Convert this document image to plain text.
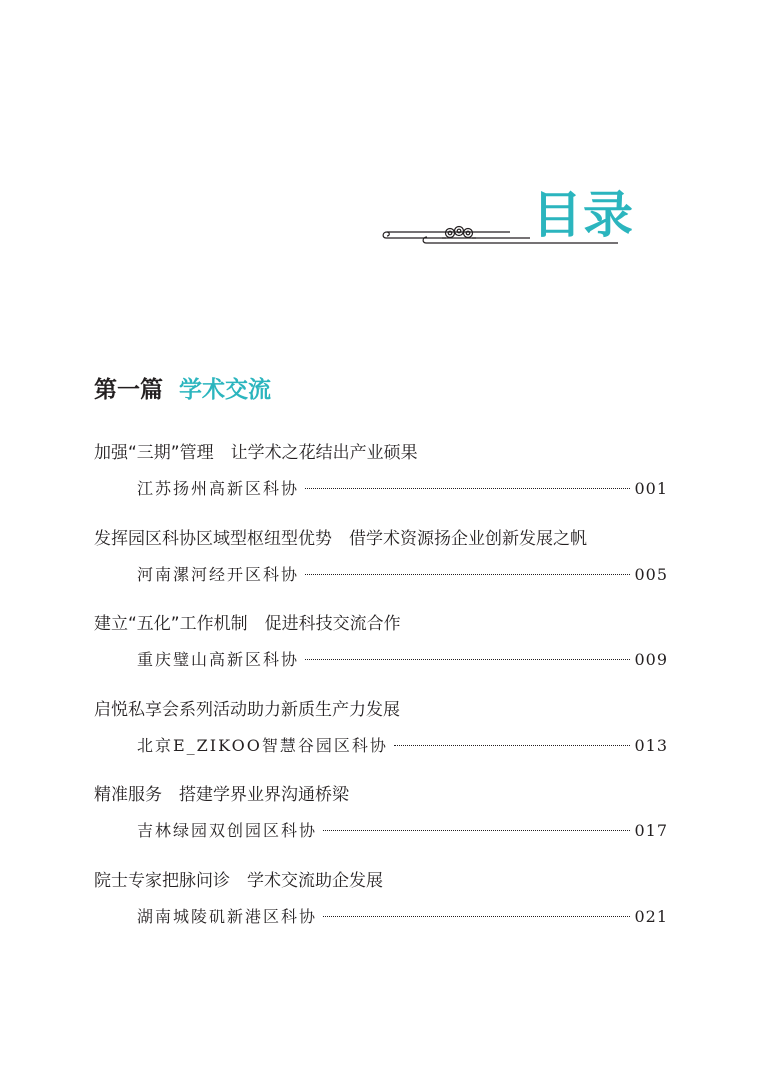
目录
第一篇 学术交流
加强“三期”管理　让学术之花结出产业硕果
江苏扬州高新区科协	001
发挥园区科协区域型枢纽型优势　借学术资源扬企业创新发展之帆
河南漯河经开区科协	005
建立“五化”工作机制　促进科技交流合作
重庆璧山高新区科协	009
启悦私享会系列活动助力新质生产力发展
北京E_ZIKOO智慧谷园区科协	013
精准服务　搭建学界业界沟通桥梁
吉林绿园双创园区科协	017
院士专家把脉问诊　学术交流助企发展
湖南城陵矶新港区科协	021
